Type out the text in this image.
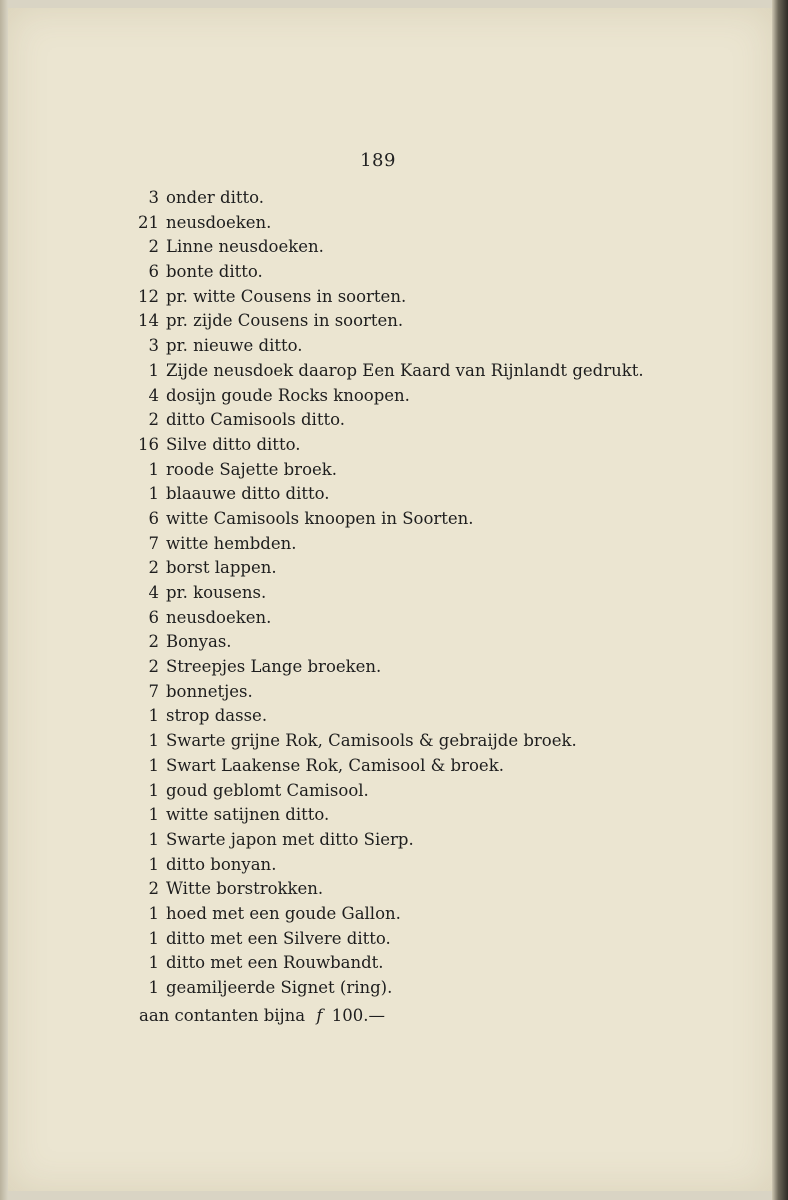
189
3 onder ditto.
21 neusdoeken.
2 Linne neusdoeken.
6 bonte ditto.
12 pr. witte Cousens in soorten.
14 pr. zijde Cousens in soorten.
3 pr. nieuwe ditto.
1 Zijde neusdoek daarop Een Kaard van Rijnlandt gedrukt.
4 dosijn goude Rocks knoopen.
2 ditto Camisools ditto.
16 Silve ditto ditto.
1 roode Sajette broek.
1 blaauwe ditto ditto.
6 witte Camisools knoopen in Soorten.
7 witte hembden.
2 borst lappen.
4 pr. kousens.
6 neusdoeken.
2 Bonyas.
2 Streepjes Lange broeken.
7 bonnetjes.
1 strop dasse.
1 Swarte grijne Rok, Camisools & gebraijde broek.
1 Swart Laakense Rok, Camisool & broek.
1 goud geblomt Camisool.
1 witte satijnen ditto.
1 Swarte japon met ditto Sierp.
1 ditto bonyan.
2 Witte borstrokken.
1 hoed met een goude Gallon.
1 ditto met een Silvere ditto.
1 ditto met een Rouwbandt.
1 geamiljeerde Signet (ring).
aan contanten bijna f 100.—
